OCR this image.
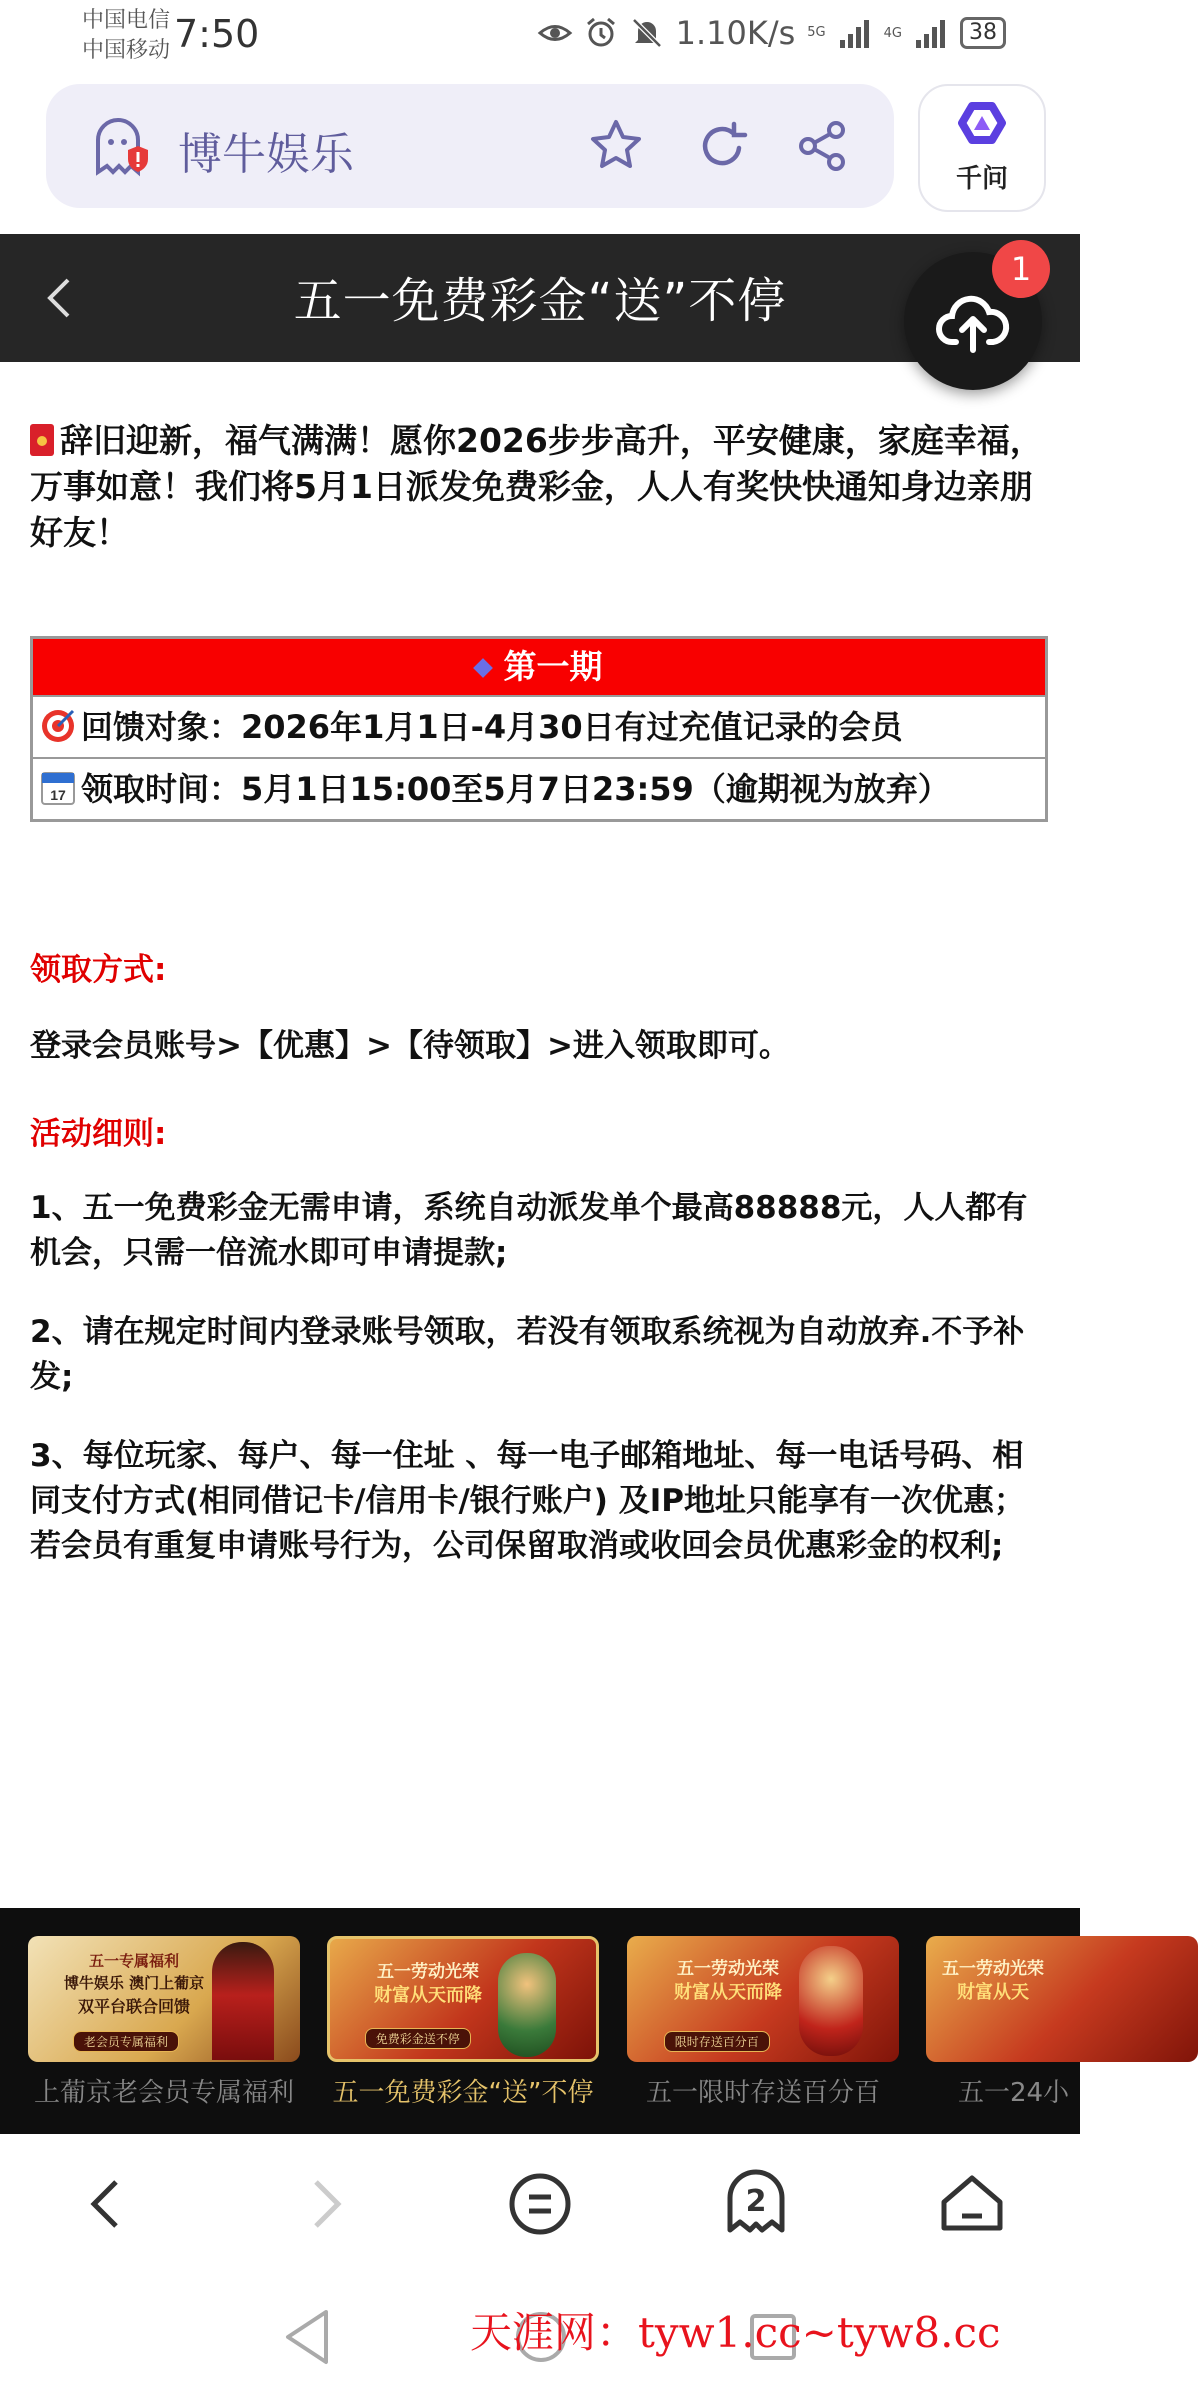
中国电信
中国移动 7:50	1.10K/s 5G	4G	38
博牛娱乐	千问
五一免费彩金“送”不停
1

辞旧迎新，福气满满！愿你2026步步高升，平安健康，家庭幸福，万事如意！我们将5月1日派发免费彩金，人人有奖快快通知身边亲朋好友！

第一期
回馈对象：2026年1月1日-4月30日有过充值记录的会员
17 领取时间：5月1日15:00至5月7日23:59（逾期视为放弃）
领取方式:

登录会员账号>【优惠】>【待领取】>进入领取即可。

活动细则:

1、五一免费彩金无需申请，系统自动派发单个最高88888元，人人都有机会，只需一倍流水即可申请提款;

2、请在规定时间内登录账号领取，若没有领取系统视为自动放弃.不予补发;

3、每位玩家、每户、每一住址 、每一电子邮箱地址、每一电话号码、相同支付方式(相同借记卡/信用卡/银行账户) 及IP地址只能享有一次优惠；若会员有重复申请账号行为，公司保留取消或收回会员优惠彩金的权利;

五一专属福利
博牛娱乐 澳门上葡京
双平台联合回馈
老会员专属福利
上葡京老会员专属福利
五一劳动光荣
财富从天而降
免费彩金送不停
五一免费彩金“送”不停
五一劳动光荣
财富从天而降
限时存送百分百
五一限时存送百分百
五一劳动光荣
财富从天
五一24小
2
天涯网：tyw1.cc~tyw8.cc
